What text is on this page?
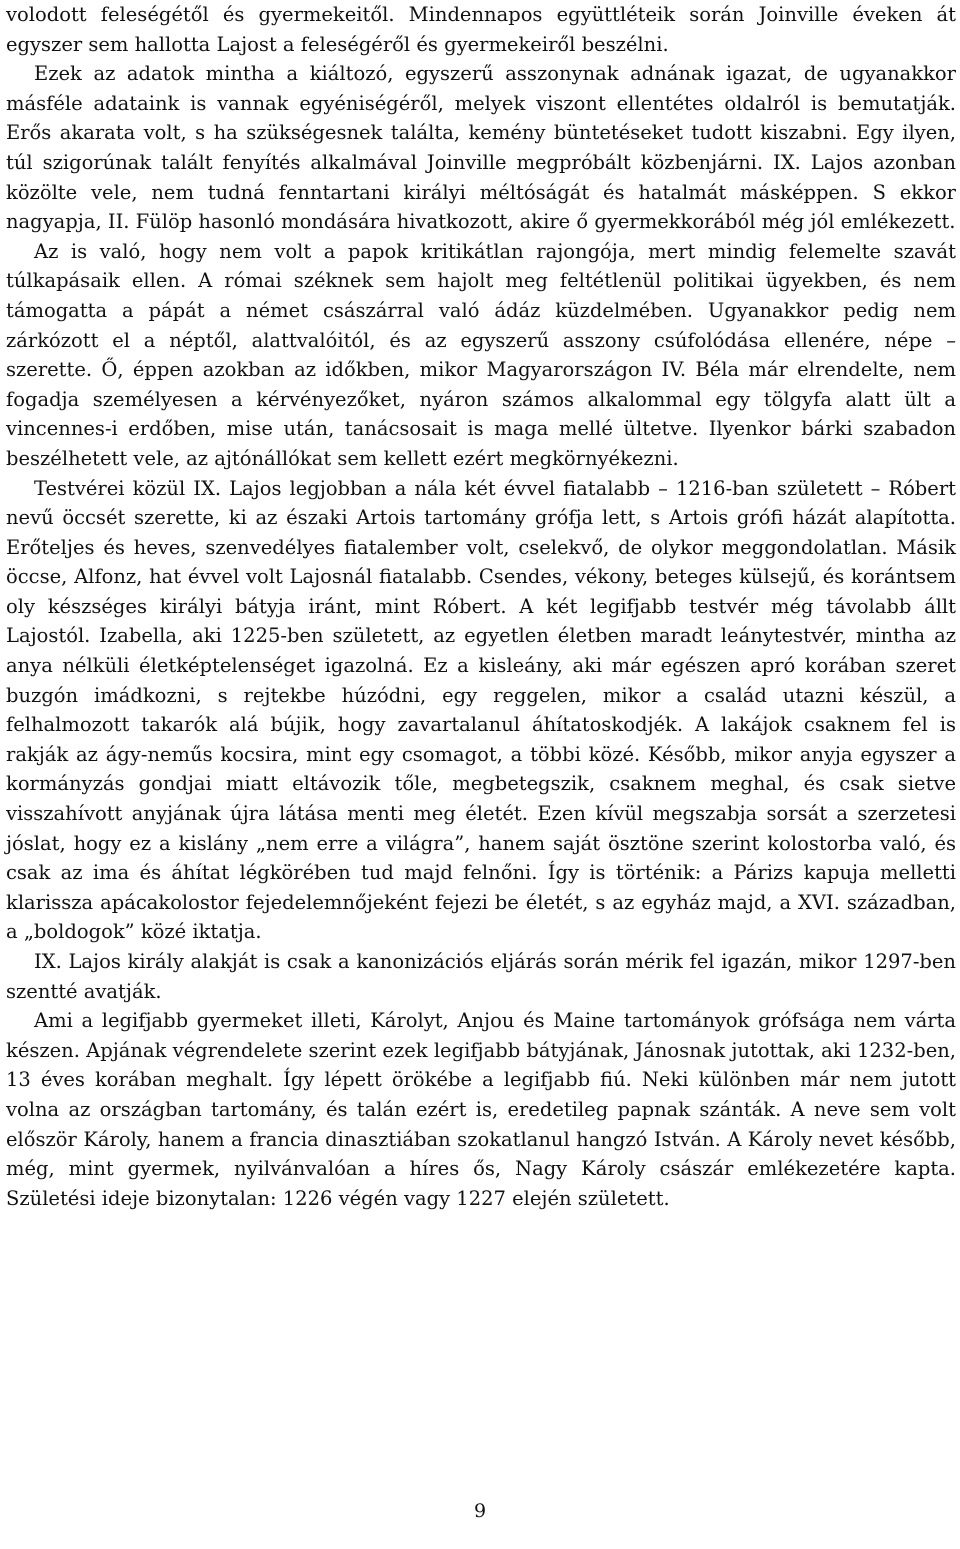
volodott feleségétől és gyermekeitől. Mindennapos együttléteik során Joinville éveken át egyszer sem hallotta Lajost a feleségéről és gyermekeiről beszélni.

Ezek az adatok mintha a kiáltozó, egyszerű asszonynak adnának igazat, de ugyanakkor másféle adataink is vannak egyéniségéről, melyek viszont ellentétes oldalról is bemutatják. Erős akarata volt, s ha szükségesnek találta, kemény büntetéseket tudott kiszabni. Egy ilyen, túl szigorúnak talált fenyítés alkalmával Joinville megpróbált közbenjárni. IX. Lajos azonban közölte vele, nem tudná fenntartani királyi méltóságát és hatalmát másképpen. S ekkor nagyapja, II. Fülöp hasonló mondására hivatkozott, akire ő gyermekkorából még jól emlékezett.

Az is való, hogy nem volt a papok kritikátlan rajongója, mert mindig felemelte szavát túlkapásaik ellen. A római széknek sem hajolt meg feltétlenül politikai ügyekben, és nem támogatta a pápát a német császárral való ádáz küzdelmében. Ugyanakkor pedig nem zárkózott el a néptől, alattvalóitól, és az egyszerű asszony csúfolódása ellenére, népe – szerette. Ő, éppen azokban az időkben, mikor Magyarországon IV. Béla már elrendelte, nem fogadja személyesen a kérvényezőket, nyáron számos alkalommal egy tölgyfa alatt ült a vincennes-i erdőben, mise után, tanácsosait is maga mellé ültetve. Ilyenkor bárki szabadon beszélhetett vele, az ajtónállókat sem kellett ezért megkörnyékezni.

Testvérei közül IX. Lajos legjobban a nála két évvel fiatalabb – 1216-ban született – Róbert nevű öccsét szerette, ki az északi Artois tartomány grófja lett, s Artois grófi házát alapította. Erőteljes és heves, szenvedélyes fiatalember volt, cselekvő, de olykor meggondolatlan. Másik öccse, Alfonz, hat évvel volt Lajosnál fiatalabb. Csendes, vékony, beteges külsejű, és korántsem oly készséges királyi bátyja iránt, mint Róbert. A két legifjabb testvér még távolabb állt Lajostól. Izabella, aki 1225-ben született, az egyetlen életben maradt leánytestvér, mintha az anya nélküli életképtelenséget igazolná. Ez a kisleány, aki már egészen apró korában szeret buzgón imádkozni, s rejtekbe húzódni, egy reggelen, mikor a család utazni készül, a felhalmozott takarók alá bújik, hogy zavartalanul áhítatoskodjék. A lakájok csaknem fel is rakják az ágy-neműs kocsira, mint egy csomagot, a többi közé. Később, mikor anyja egyszer a kormányzás gondjai miatt eltávozik tőle, megbetegszik, csaknem meghal, és csak sietve visszahívott anyjának újra látása menti meg életét. Ezen kívül megszabja sorsát a szerzetesi jóslat, hogy ez a kislány „nem erre a világra”, hanem saját ösztöne szerint kolostorba való, és csak az ima és áhítat légkörében tud majd felnőni. Így is történik: a Párizs kapuja melletti klarissza apácakolostor fejedelemnőjeként fejezi be életét, s az egyház majd, a XVI. században, a „boldogok” közé iktatja.

IX. Lajos király alakját is csak a kanonizációs eljárás során mérik fel igazán, mikor 1297-ben szentté avatják.

Ami a legifjabb gyermeket illeti, Károlyt, Anjou és Maine tartományok grófsága nem várta készen. Apjának végrendelete szerint ezek legifjabb bátyjának, Jánosnak jutottak, aki 1232-ben, 13 éves korában meghalt. Így lépett örökébe a legifjabb fiú. Neki különben már nem jutott volna az országban tartomány, és talán ezért is, eredetileg papnak szánták. A neve sem volt először Károly, hanem a francia dinasztiában szokatlanul hangzó István. A Károly nevet később, még, mint gyermek, nyilvánvalóan a híres ős, Nagy Károly császár emlékezetére kapta. Születési ideje bizonytalan: 1226 végén vagy 1227 elején született.

9
